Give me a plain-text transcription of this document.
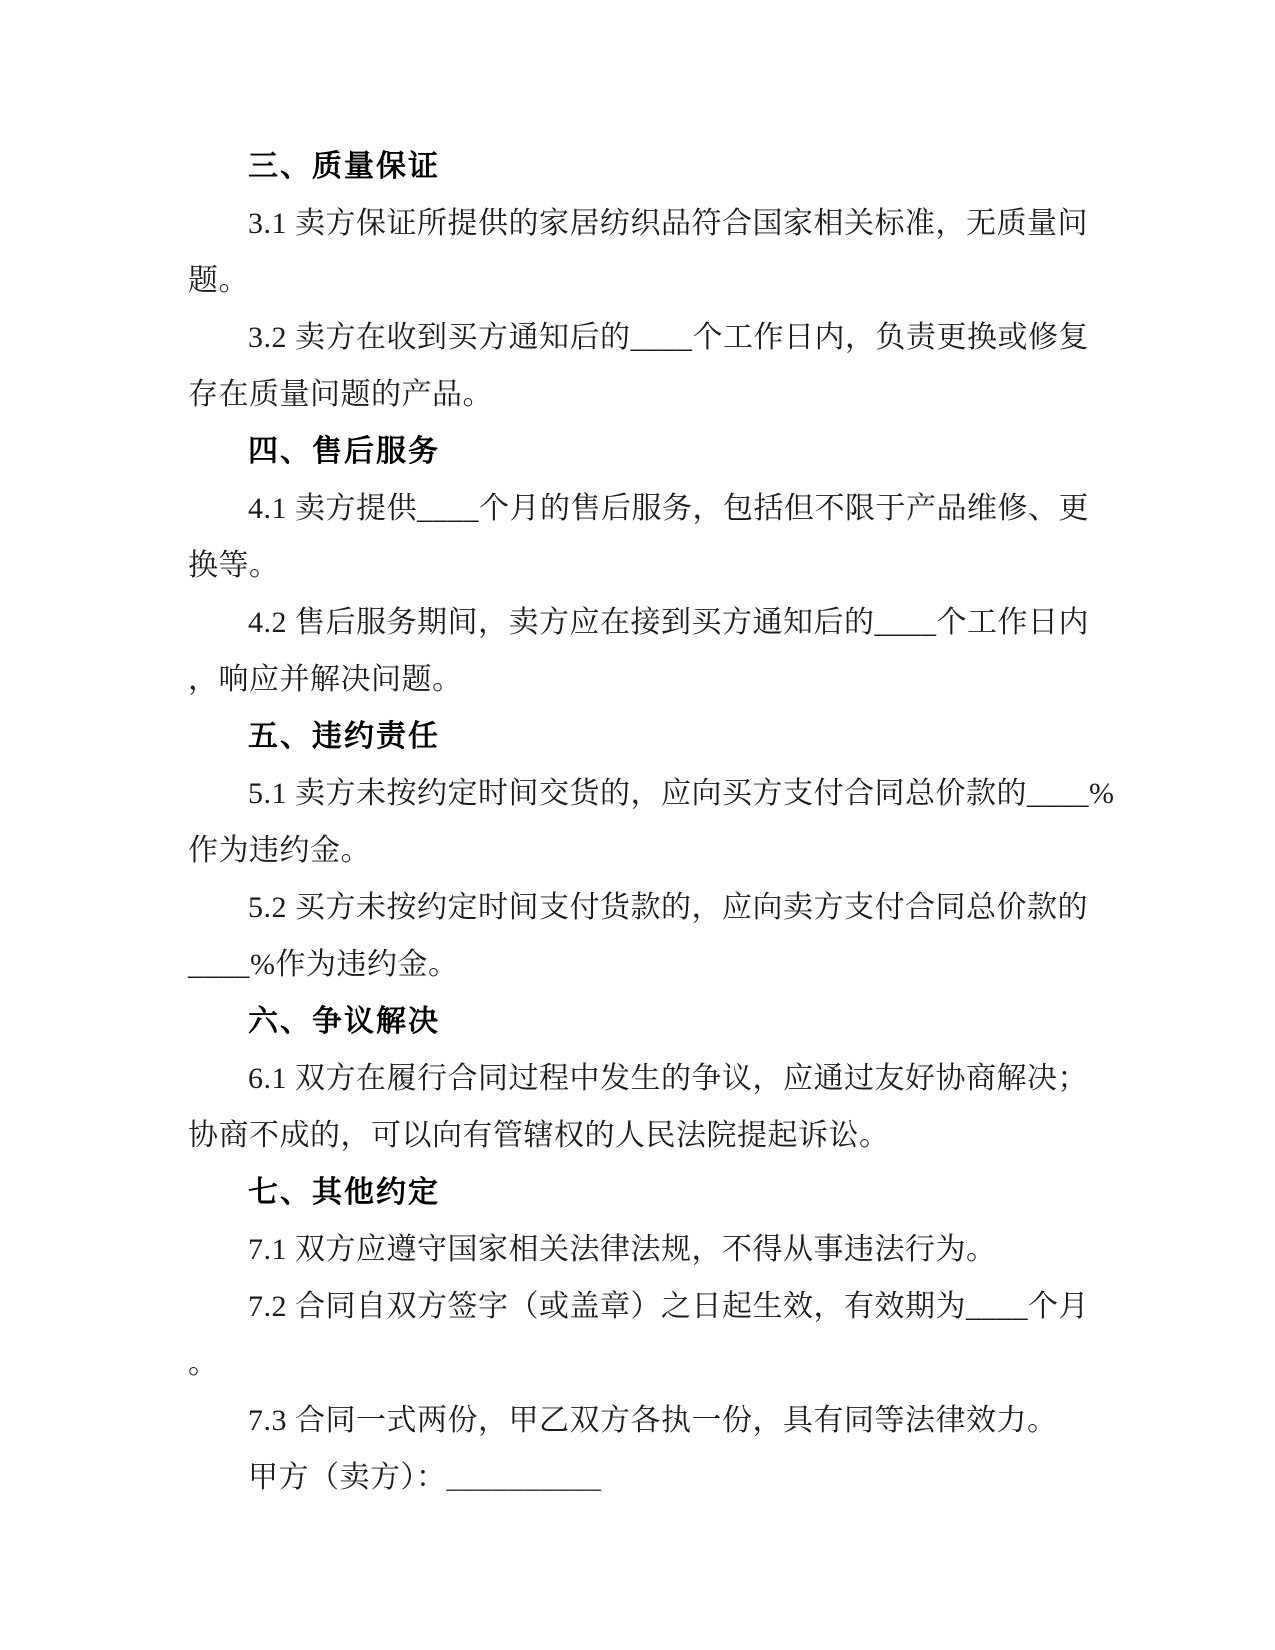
三、质量保证
3.1 卖方保证所提供的家居纺织品符合国家相关标准，无质量问
题。
3.2 卖方在收到买方通知后的____个工作日内，负责更换或修复
存在质量问题的产品。
四、售后服务
4.1 卖方提供____个月的售后服务，包括但不限于产品维修、更
换等。
4.2 售后服务期间，卖方应在接到买方通知后的____个工作日内
，响应并解决问题。
五、违约责任
5.1 卖方未按约定时间交货的，应向买方支付合同总价款的____%
作为违约金。
5.2 买方未按约定时间支付货款的，应向卖方支付合同总价款的
____%作为违约金。
六、争议解决
6.1 双方在履行合同过程中发生的争议，应通过友好协商解决；
协商不成的，可以向有管辖权的人民法院提起诉讼。
七、其他约定
7.1 双方应遵守国家相关法律法规，不得从事违法行为。
7.2 合同自双方签字（或盖章）之日起生效，有效期为____个月
。
7.3 合同一式两份，甲乙双方各执一份，具有同等法律效力。
甲方（卖方）：__________
